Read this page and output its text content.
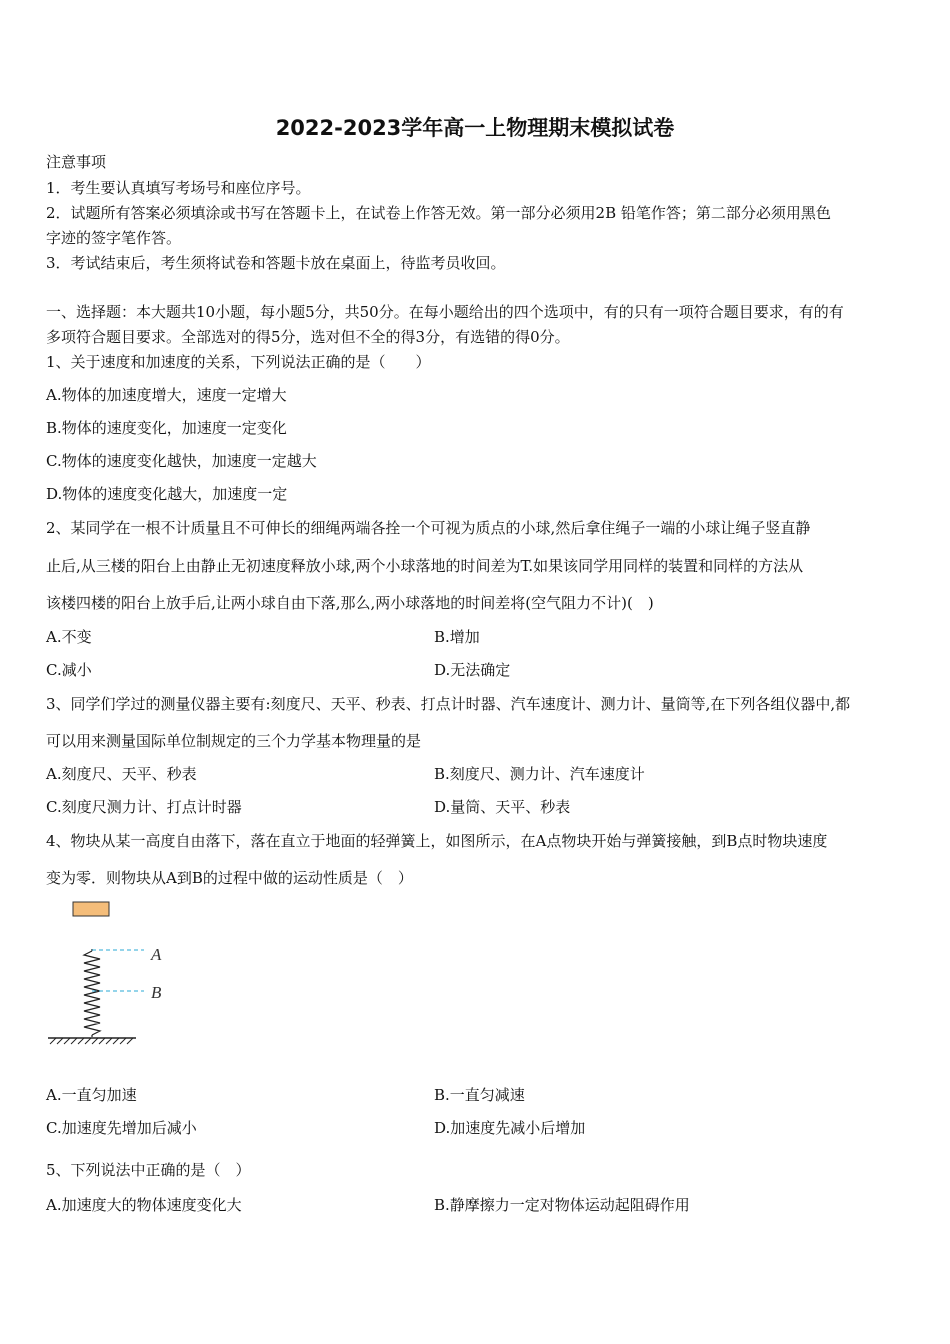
2022-2023学年高一上物理期末模拟试卷
注意事项
1．考生要认真填写考场号和座位序号。
2．试题所有答案必须填涂或书写在答题卡上，在试卷上作答无效。第一部分必须用2B 铅笔作答；第二部分必须用黑色
字迹的签字笔作答。
3．考试结束后，考生须将试卷和答题卡放在桌面上，待监考员收回。
一、选择题：本大题共10小题，每小题5分，共50分。在每小题给出的四个选项中，有的只有一项符合题目要求，有的有
多项符合题目要求。全部选对的得5分，选对但不全的得3分，有选错的得0分。
1、关于速度和加速度的关系，下列说法正确的是（　　）
A.物体的加速度增大，速度一定增大
B.物体的速度变化，加速度一定变化
C.物体的速度变化越快，加速度一定越大
D.物体的速度变化越大，加速度一定
2、某同学在一根不计质量且不可伸长的细绳两端各拴一个可视为质点的小球,然后拿住绳子一端的小球让绳子竖直静
止后,从三楼的阳台上由静止无初速度释放小球,两个小球落地的时间差为T.如果该同学用同样的装置和同样的方法从
该楼四楼的阳台上放手后,让两小球自由下落,那么,两小球落地的时间差将(空气阻力不计)(　)
A.不变	B.增加
C.减小	D.无法确定
3、同学们学过的测量仪器主要有:刻度尺、天平、秒表、打点计时器、汽车速度计、测力计、量筒等,在下列各组仪器中,都
可以用来测量国际单位制规定的三个力学基本物理量的是
A.刻度尺、天平、秒表	B.刻度尺、测力计、汽车速度计
C.刻度尺测力计、打点计时器	D.量筒、天平、秒表
4、物块从某一高度自由落下，落在直立于地面的轻弹簧上，如图所示，在A点物块开始与弹簧接触，到B点时物块速度
变为零．则物块从A到B的过程中做的运动性质是（　）
A
B
A.一直匀加速	B.一直匀减速
C.加速度先增加后减小	D.加速度先减小后增加
5、下列说法中正确的是（　）
A.加速度大的物体速度变化大	B.静摩擦力一定对物体运动起阻碍作用
